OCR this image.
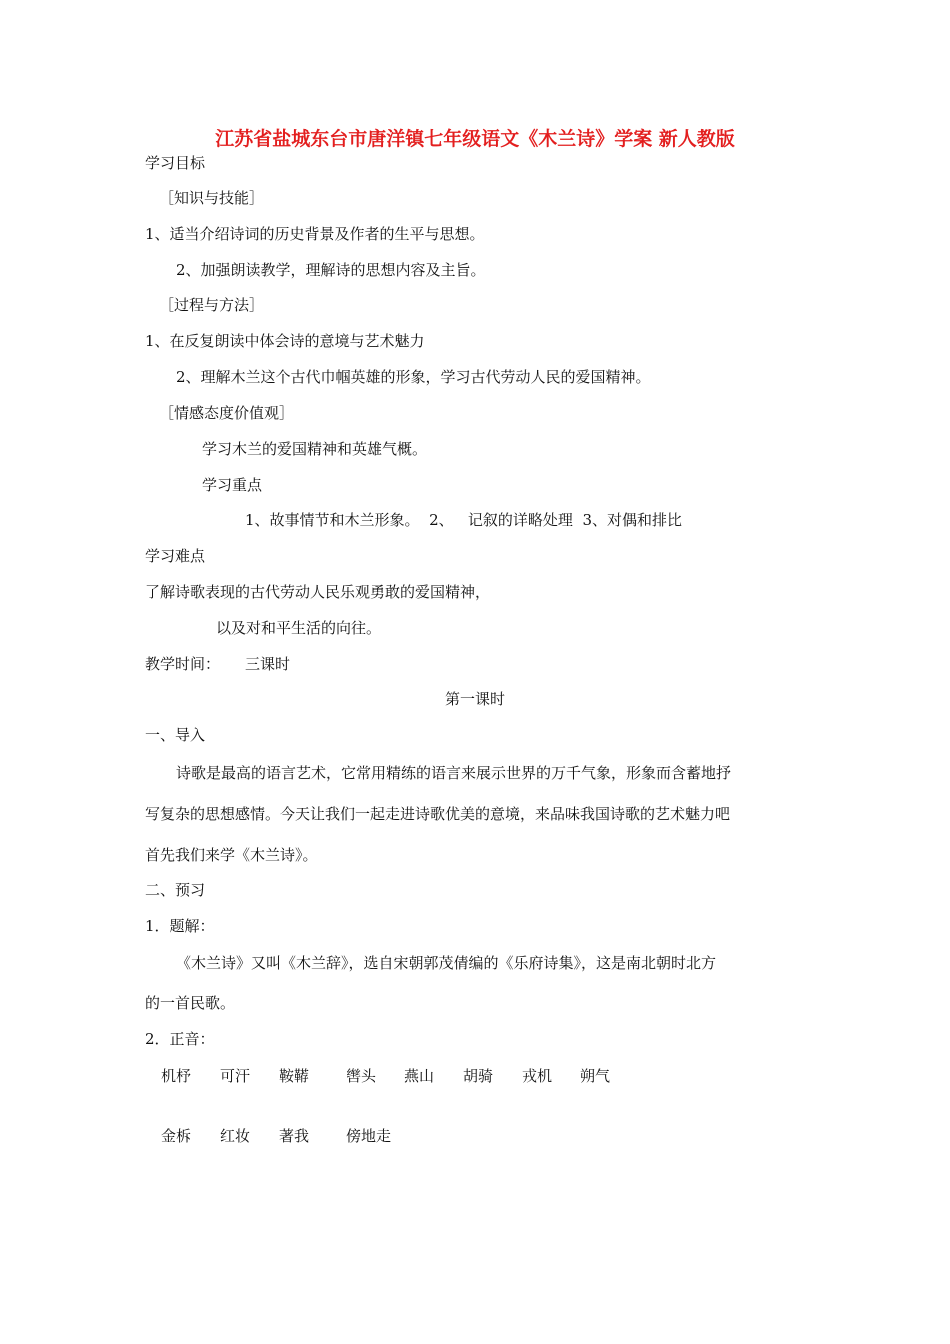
江苏省盐城东台市唐洋镇七年级语文《木兰诗》学案 新人教版
学习目标
［知识与技能］
1、适当介绍诗词的历史背景及作者的生平与思想。
2、加强朗读教学，理解诗的思想内容及主旨。
［过程与方法］
1、在反复朗读中体会诗的意境与艺术魅力
2、理解木兰这个古代巾帼英雄的形象，学习古代劳动人民的爱国精神。
［情感态度价值观］
学习木兰的爱国精神和英雄气概。
学习重点
1、故事情节和木兰形象。  2、   记叙的详略处理  3、对偶和排比
学习难点
了解诗歌表现的古代劳动人民乐观勇敢的爱国精神，
以及对和平生活的向往。
教学时间： 三课时
第一课时
一、导入
诗歌是最高的语言艺术，它常用精练的语言来展示世界的万千气象，形象而含蓄地抒
写复杂的思想感情。今天让我们一起走进诗歌优美的意境，来品味我国诗歌的艺术魅力吧
首先我们来学《木兰诗》。
二、预习
1．题解：
《木兰诗》又叫《木兰辞》，选自宋朝郭茂倩编的《乐府诗集》，这是南北朝时北方
的一首民歌。
2．正音：
机杼 可汗 鞍鞯 辔头 燕山 胡骑 戎机 朔气
金柝 红妆 著我 傍地走
